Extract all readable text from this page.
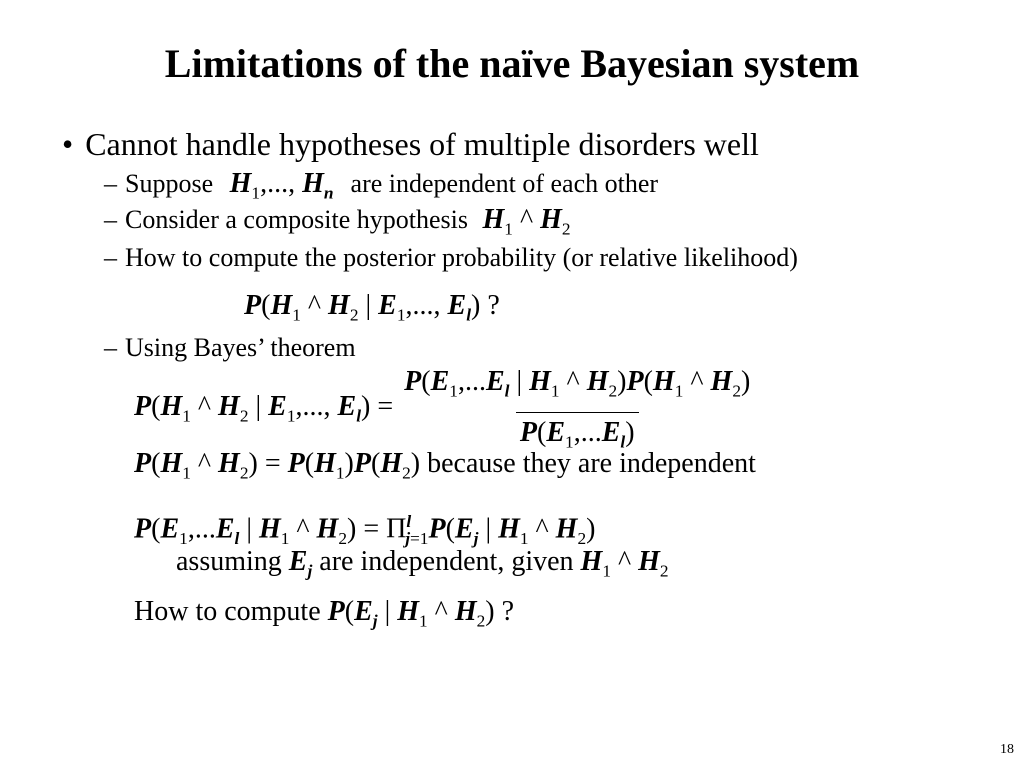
Limitations of the naïve Bayesian system
• Cannot handle hypotheses of multiple disorders well
– Suppose $H_1$,..., $H_n$ are independent of each other
– Consider a composite hypothesis $H_1$ ^ $H_2$
– How to compute the posterior probability (or relative likelihood)
$P(H_1$ ^ $H_2$ | $E_1$,..., $E_l$) ?
– Using Bayes’ theorem
$P(H_1$ ^ $H_2$ | $E_1$,..., $E_l) = \frac{P(E_1,...E_l | H_1 \^{} H_2)P(H_1 \^{} H_2)}{P(E_1,...E_l)}$
$P(H_1$ ^ $H_2) = P(H_1)P(H_2)$ because they are independent
$P(E_1,...E_l$ | $H_1$ ^ $H_2) = \Pi^l_{j=1}P(E_j$ | $H_1$ ^ $H_2$)
assuming $E_j$ are independent, given $H_1$ ^ $H_2$
How to compute $P(E_j$ | $H_1$ ^ $H_2$) ?
18
